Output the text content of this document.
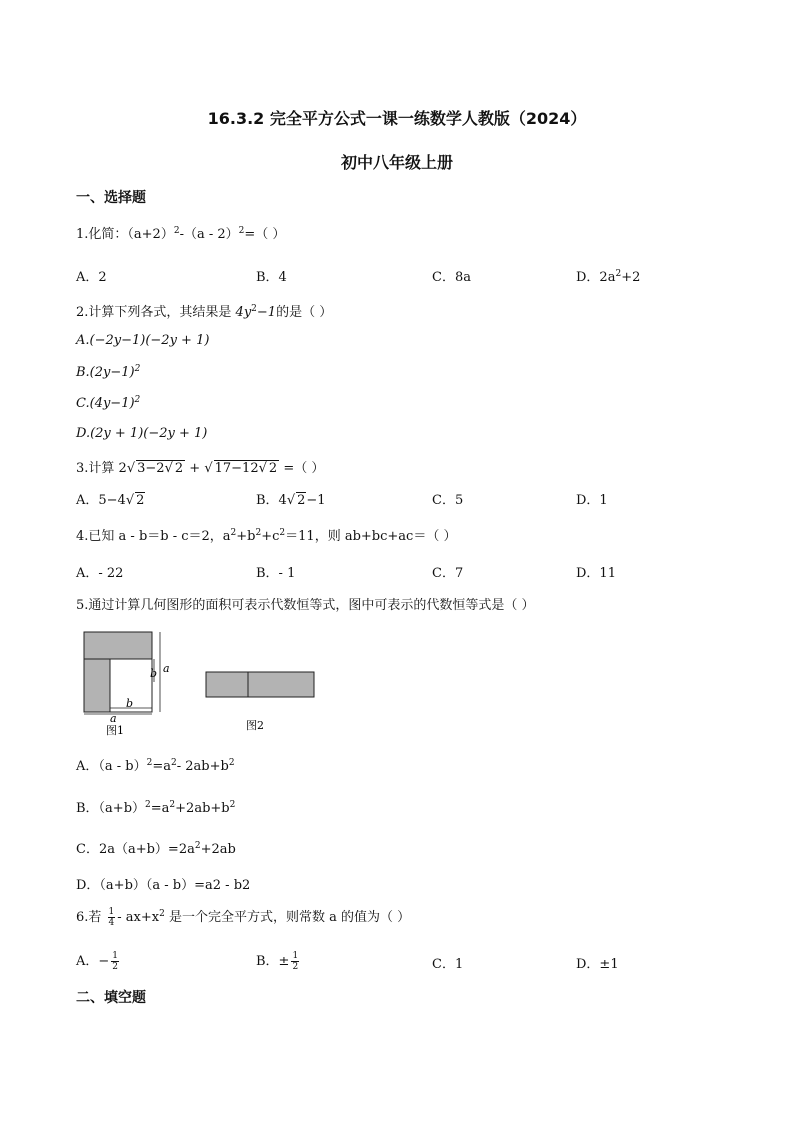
16.3.2 完全平方公式一课一练数学人教版（2024）
初中八年级上册
一、选择题
1.化简：$(a+2)^2-(a - 2)^2=$（ ）
A．2	B．4	C．8a	D．$2a^2+2$
2.计算下列各式，其结果是 $4y^2-1$的是（ ）
A.(−2y−1)(−2y + 1)
$B.(2y-1)^2$
$C.(4y-1)^2$
D.(2y + 1)(−2y + 1)
3.计算 2√ 3−2√ 2 + √ 17−12√ 2 =（ ）
A．5−4√ 2	B．4√ 2−1	C．5	D．1
4.已知 a - b＝b - c＝2，$a^2+b^2+c^2=11$，则 ab+bc+ac＝（ ）
A．- 22	B．- 1	C．7	D．11
5.通过计算几何图形的面积可表示代数恒等式，图中可表示的代数恒等式是（ ）
b a
b
a
图1	图2
A．$(a - b)^2=a^2-$ $2ab+b^2$
B．$(a+b)^2=a^2+2ab+b^2$
C．$2a(a+b)=2a^2+2ab$
D．（a+b）（a - b）=a2 - b2
6.若 $\frac{1}{4} - ax+x^2$ 是一个完全平方式，则常数 a 的值为（ ）
A．− $\frac{1}{2}$	B．± $\frac{1}{2}$	C．1	D．±1
二、填空题
